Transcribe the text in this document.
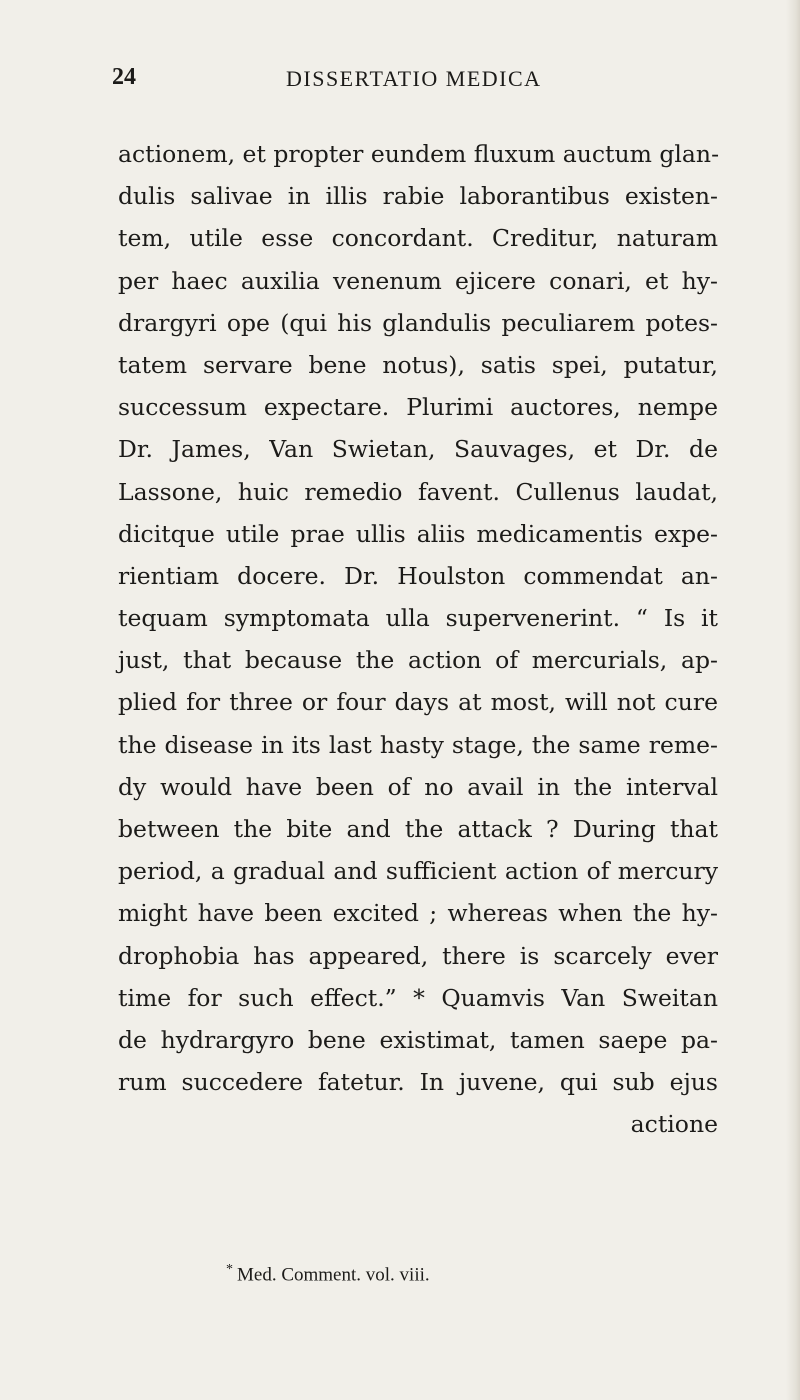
24	DISSERTATIO MEDICA
actionem, et propter eundem fluxum auctum glan-
dulis salivae in illis rabie laborantibus existen-
tem, utile esse concordant. Creditur, naturam
per haec auxilia venenum ejicere conari, et hy-
drargyri ope (qui his glandulis peculiarem potes-
tatem servare bene notus), satis spei, putatur,
successum expectare. Plurimi auctores, nempe
Dr. James, Van Swietan, Sauvages, et Dr. de
Lassone, huic remedio favent. Cullenus laudat,
dicitque utile prae ullis aliis medicamentis expe-
rientiam docere. Dr. Houlston commendat an-
tequam symptomata ulla supervenerint. “ Is it
just, that because the action of mercurials, ap-
plied for three or four days at most, will not cure
the disease in its last hasty stage, the same reme-
dy would have been of no avail in the interval
between the bite and the attack ? During that
period, a gradual and sufficient action of mercury
might have been excited ; whereas when the hy-
drophobia has appeared, there is scarcely ever
time for such effect.” * Quamvis Van Sweitan
de hydrargyro bene existimat, tamen saepe pa-
rum succedere fatetur. In juvene, qui sub ejus
actione
* Med. Comment. vol. viii.
